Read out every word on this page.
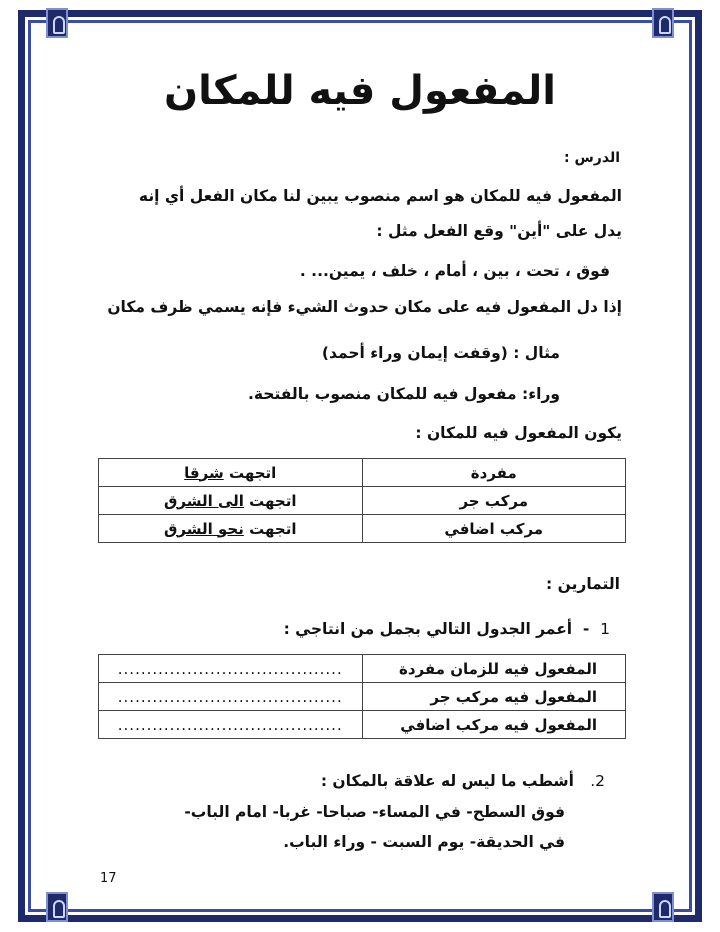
المفعول فيه للمكان
الدرس :
المفعول فيه للمكان هو اسم منصوب يبين لنا مكان الفعل أي إنه
يدل على "أين" وقع الفعل مثل :
فوق ، تحت ، بين ، أمام ، خلف ، يمين... .
إذا دل المفعول فيه على مكان حدوث الشيء فإنه يسمي ظرف مكان
مثال : (وقفت إيمان وراء أحمد)
وراء: مفعول فيه للمكان منصوب بالفتحة.
يكون المفعول فيه للمكان :
مفردة	اتجهت شرقا
مركب جر	اتجهت الى الشرق
مركب اضافي	اتجهت نحو الشرق
التمارين :
1  -  أعمر الجدول التالي بجمل من انتاجي :
المفعول فيه للزمان مفردة	.......................................
المفعول فيه مركب جر	.......................................
المفعول فيه مركب اضافي	.......................................
2.   أشطب ما ليس له علاقة بالمكان :
فوق السطح- في المساء- صباحا- غربا- امام الباب-
في الحديقة- يوم السبت - وراء الباب.
17
